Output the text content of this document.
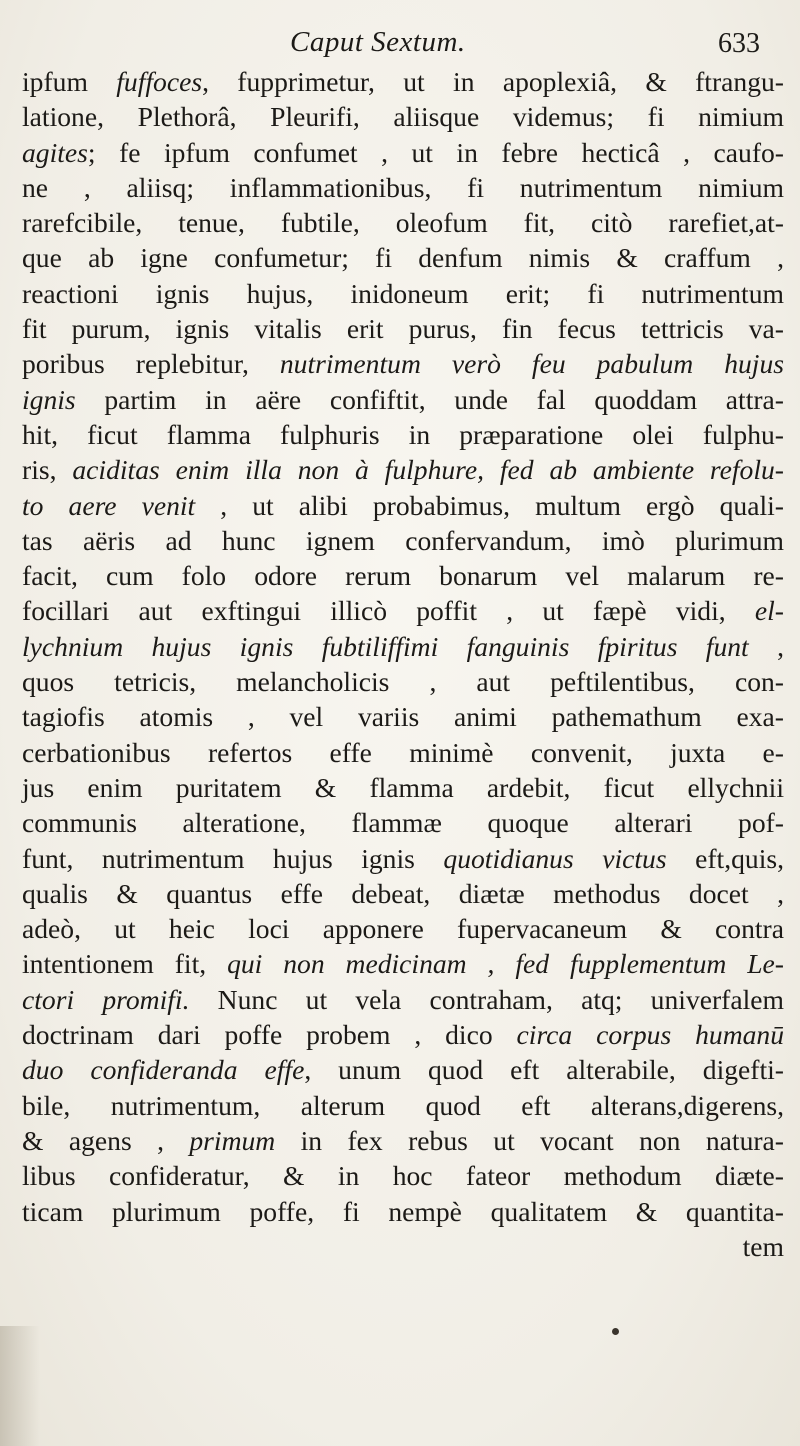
Caput Sextum.	633
ipfum fuffoces, fupprimetur, ut in apoplexiâ, & ftrangu-
latione, Plethorâ, Pleurifi, aliisque videmus; fi nimium
agites; fe ipfum confumet , ut in febre hecticâ , caufo-
ne , aliisq; inflammationibus, fi nutrimentum nimium
rarefcibile, tenue, fubtile, oleofum fit, citò rarefiet,at-
que ab igne confumetur; fi denfum nimis & craffum ,
reactioni ignis hujus, inidoneum erit; fi nutrimentum
fit purum, ignis vitalis erit purus, fin fecus tettricis va-
poribus replebitur, nutrimentum verò feu pabulum hujus
ignis partim in aëre confiftit, unde fal quoddam attra-
hit, ficut flamma fulphuris in præparatione olei fulphu-
ris, aciditas enim illa non à fulphure, fed ab ambiente refolu-
to aere venit , ut alibi probabimus, multum ergò quali-
tas aëris ad hunc ignem confervandum, imò plurimum
facit, cum folo odore rerum bonarum vel malarum re-
focillari aut exftingui illicò poffit , ut fæpè vidi, el-
lychnium hujus ignis fubtiliffimi fanguinis fpiritus funt ,
quos tetricis, melancholicis , aut peftilentibus, con-
tagiofis atomis , vel variis animi pathemathum exa-
cerbationibus refertos effe minimè convenit, juxta e-
jus enim puritatem & flamma ardebit, ficut ellychnii
communis alteratione, flammæ quoque alterari pof-
funt, nutrimentum hujus ignis quotidianus victus eft,quis,
qualis & quantus effe debeat, diætæ methodus docet ,
adeò, ut heic loci apponere fupervacaneum & contra
intentionem fit, qui non medicinam , fed fupplementum Le-
ctori promifi. Nunc ut vela contraham, atq; univerfalem
doctrinam dari poffe probem , dico circa corpus humanū
duo confideranda effe, unum quod eft alterabile, digefti-
bile, nutrimentum, alterum quod eft alterans,digerens,
& agens , primum in fex rebus ut vocant non natura-
libus confideratur, & in hoc fateor methodum diæte-
ticam plurimum poffe, fi nempè qualitatem & quantita-
tem
